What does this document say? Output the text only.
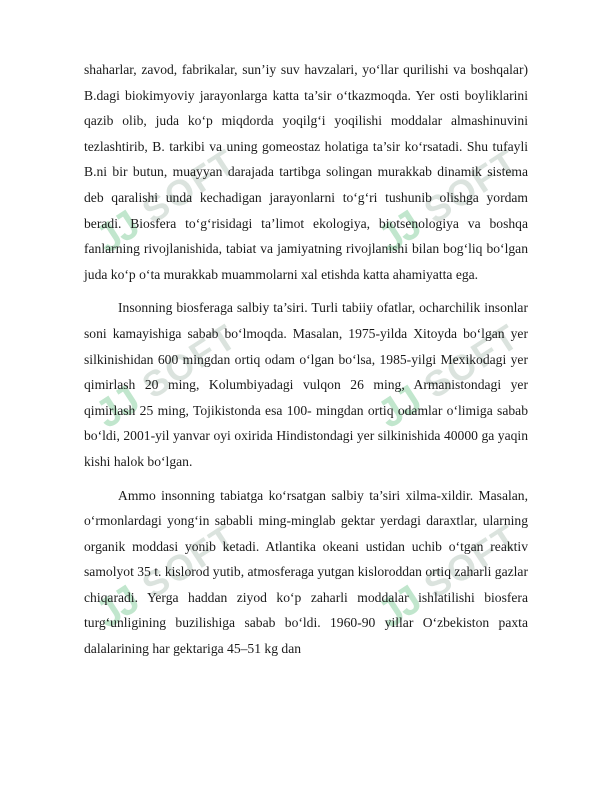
JJ SOFT
JJ SOFT
JJ SOFT
JJ SOFT
JJ SOFT
JJ SOFT

shaharlar, zavod, fabrikalar, sun’iy suv havzalari, yo‘llar qurilishi va boshqalar) B.dagi biokimyoviy jarayonlarga katta ta’sir o‘tkazmoqda. Yer osti boyliklarini qazib olib, juda ko‘p miqdorda yoqilg‘i yoqilishi moddalar almashinuvini tezlashtirib, B. tarkibi va uning gomeostaz holatiga ta’sir ko‘rsatadi. Shu tufayli B.ni bir butun, muayyan darajada tartibga solingan murakkab dinamik sistema deb qaralishi unda kechadigan jarayonlarni to‘g‘ri tushunib olishga yordam beradi. Biosfera to‘g‘risidagi ta’limot ekologiya, biotsenologiya va boshqa fanlarning rivojlanishida, tabiat va jamiyatning rivojlanishi bilan bog‘liq bo‘lgan juda ko‘p o‘ta murakkab muammolarni xal etishda katta ahamiyatta ega.

Insonning biosferaga salbiy ta’siri. Turli tabiiy ofatlar, ocharchilik insonlar soni kamayishiga sabab bo‘lmoqda. Masalan, 1975-yilda Xitoyda bo‘lgan yer silkinishidan 600 mingdan ortiq odam o‘lgan bo‘lsa, 1985-yilgi Mexikodagi yer qimirlash 20 ming, Kolumbiyadagi vulqon 26 ming, Armanistondagi yer qimirlash 25 ming, Tojikistonda esa 100- mingdan ortiq odamlar o‘limiga sabab bo‘ldi, 2001-yil yanvar oyi oxirida Hindistondagi yer silkinishida 40000 ga yaqin kishi halok bo‘lgan.

Ammo insonning tabiatga ko‘rsatgan salbiy ta’siri xilma-xildir. Masalan, o‘rmonlardagi yong‘in sababli ming-minglab gektar yerdagi daraxtlar, ularning organik moddasi yonib ketadi. Atlantika okeani ustidan uchib o‘tgan reaktiv samolyot 35 t. kislorod yutib, atmosferaga yutgan kisloroddan ortiq zaharli gazlar chiqaradi. Yerga haddan ziyod ko‘p zaharli moddalar ishlatilishi biosfera turg‘unligining buzilishiga sabab bo‘ldi. 1960-90 yillar O‘zbekiston paxta dalalarining har gektariga 45–51 kg dan
